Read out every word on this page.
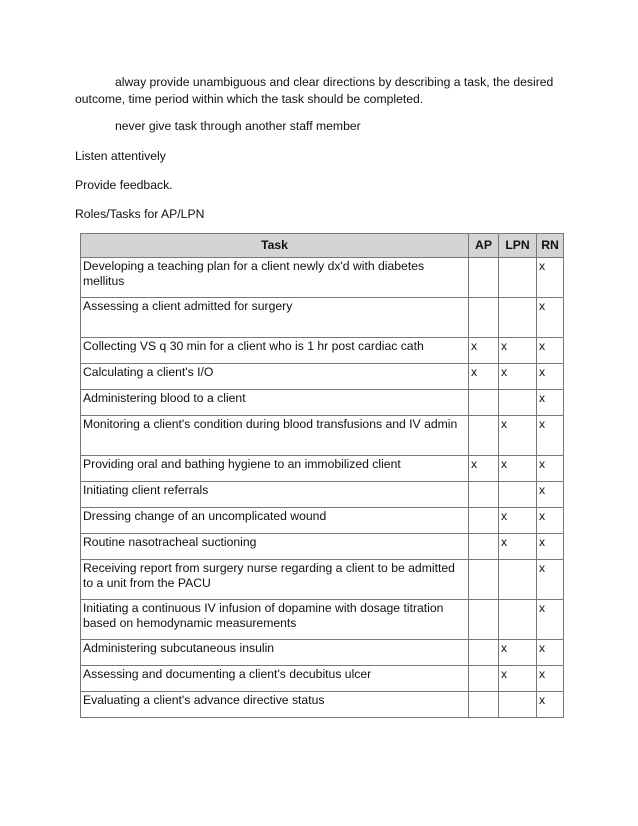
alway provide unambiguous and clear directions by describing a task, the desired outcome, time period within which the task should be completed.

never give task through another staff member

Listen attentively

Provide feedback.

Roles/Tasks for AP/LPN

Task	AP	LPN	RN
Developing a teaching plan for a client newly dx'd with diabetes mellitus			x
Assessing a client admitted for surgery			x
Collecting VS q 30 min for a client who is 1 hr post cardiac cath	x	x	x
Calculating a client's I/O	x	x	x
Administering blood to a client			x
Monitoring a client's condition during blood transfusions and IV admin		x	x
Providing oral and bathing hygiene to an immobilized client	x	x	x
Initiating client referrals			x
Dressing change of an uncomplicated wound		x	x
Routine nasotracheal suctioning		x	x
Receiving report from surgery nurse regarding a client to be admitted to a unit from the PACU			x
Initiating a continuous IV infusion of dopamine with dosage titration based on hemodynamic measurements			x
Administering subcutaneous insulin		x	x
Assessing and documenting a client's decubitus ulcer		x	x
Evaluating a client's advance directive status			x
